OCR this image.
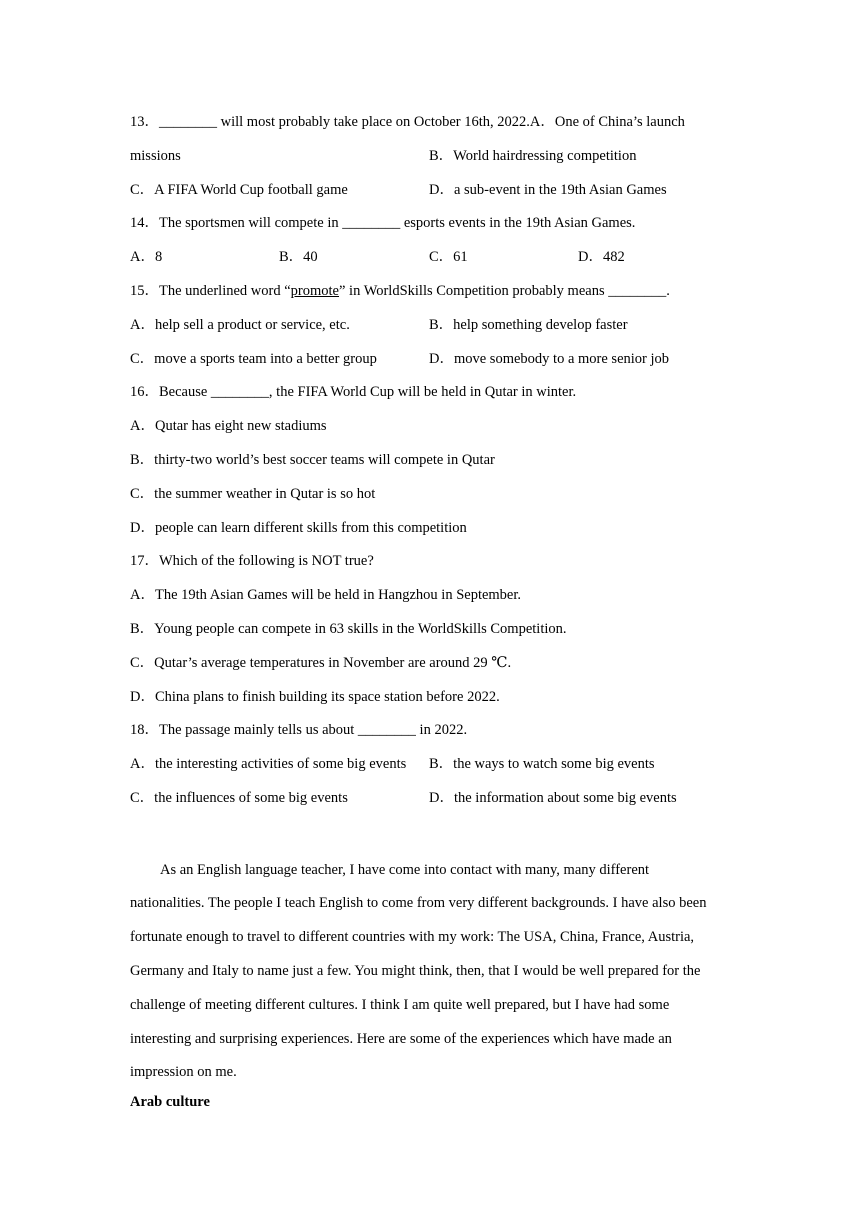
13．________ will most probably take place on October 16th, 2022.A．One of China’s launch
missions	B．World hairdressing competition
C．A FIFA World Cup football game	D．a sub-event in the 19th Asian Games
14．The sportsmen will compete in ________ esports events in the 19th Asian Games.
A．8	B．40	C．61	D．482
15．The underlined word “promote” in WorldSkills Competition probably means ________.
A．help sell a product or service, etc.	B．help something develop faster
C．move a sports team into a better group	D．move somebody to a more senior job
16．Because ________, the FIFA World Cup will be held in Qutar in winter.
A．Qutar has eight new stadiums
B．thirty-two world’s best soccer teams will compete in Qutar
C．the summer weather in Qutar is so hot
D．people can learn different skills from this competition
17．Which of the following is NOT true?
A．The 19th Asian Games will be held in Hangzhou in September.
B．Young people can compete in 63 skills in the WorldSkills Competition.
C．Qutar’s average temperatures in November are around 29 ℃.
D．China plans to finish building its space station before 2022.
18．The passage mainly tells us about ________ in 2022.
A．the interesting activities of some big events B．the ways to watch some big events
C．the influences of some big events	D．the information about some big events
As an English language teacher, I have come into contact with many, many different nationalities. The people I teach English to come from very different backgrounds. I have also been fortunate enough to travel to different countries with my work: The USA, China, France, Austria, Germany and Italy to name just a few. You might think, then, that I would be well prepared for the challenge of meeting different cultures. I think I am quite well prepared, but I have had some interesting and surprising experiences. Here are some of the experiences which have made an impression on me.
Arab culture
